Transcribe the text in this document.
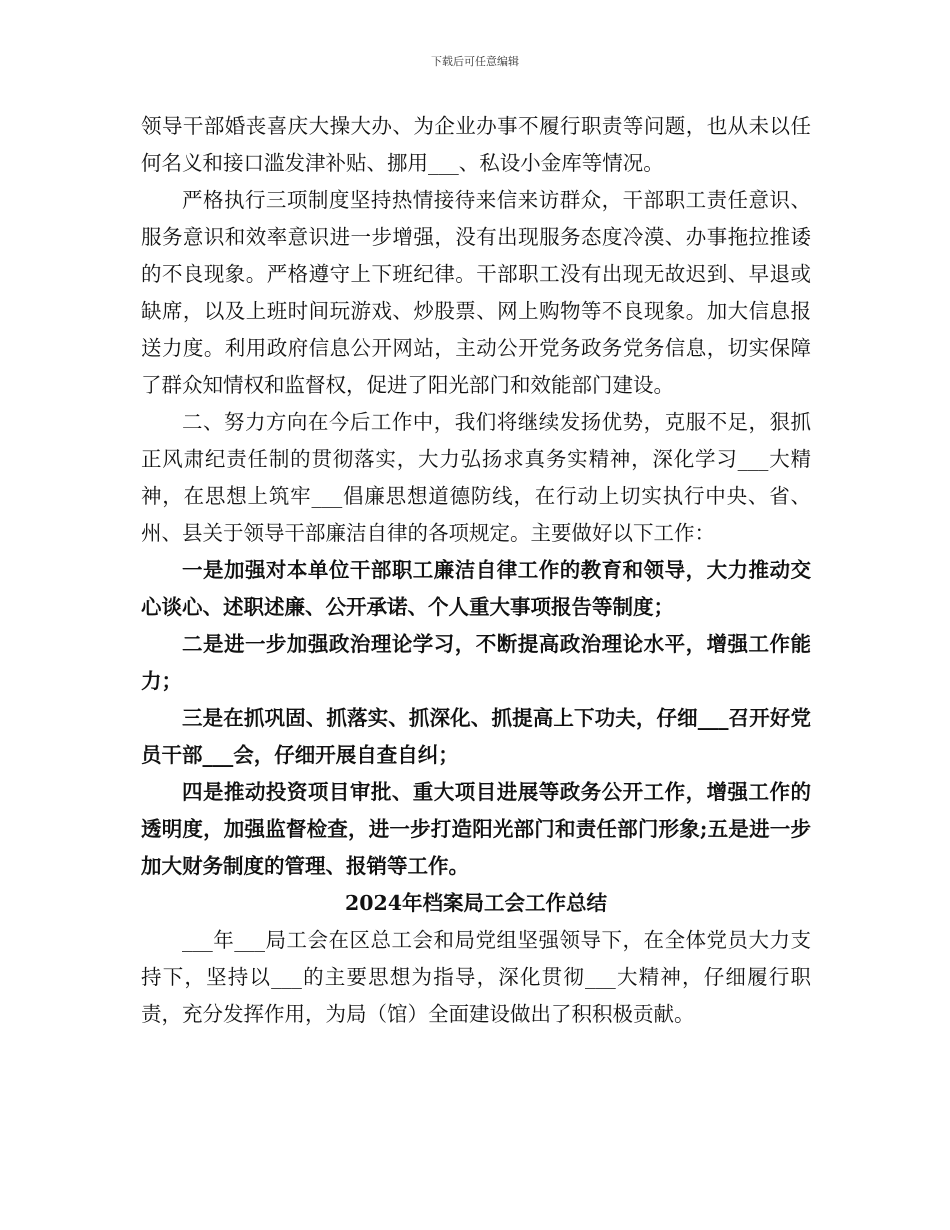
下载后可任意编辑

领导干部婚丧喜庆大操大办、为企业办事不履行职责等问题，也从未以任何名义和接口滥发津补贴、挪用___、私设小金库等情况。

严格执行三项制度坚持热情接待来信来访群众，干部职工责任意识、服务意识和效率意识进一步增强，没有出现服务态度冷漠、办事拖拉推诿的不良现象。严格遵守上下班纪律。干部职工没有出现无故迟到、早退或缺席，以及上班时间玩游戏、炒股票、网上购物等不良现象。加大信息报送力度。利用政府信息公开网站，主动公开党务政务党务信息，切实保障了群众知情权和监督权，促进了阳光部门和效能部门建设。

二、努力方向在今后工作中，我们将继续发扬优势，克服不足，狠抓正风肃纪责任制的贯彻落实，大力弘扬求真务实精神，深化学习___大精神，在思想上筑牢___倡廉思想道德防线，在行动上切实执行中央、省、州、县关于领导干部廉洁自律的各项规定。主要做好以下工作：

一是加强对本单位干部职工廉洁自律工作的教育和领导，大力推动交心谈心、述职述廉、公开承诺、个人重大事项报告等制度；

二是进一步加强政治理论学习，不断提高政治理论水平，增强工作能力；

三是在抓巩固、抓落实、抓深化、抓提高上下功夫，仔细___召开好党员干部___会，仔细开展自查自纠；

四是推动投资项目审批、重大项目进展等政务公开工作，增强工作的透明度，加强监督检查，进一步打造阳光部门和责任部门形象;五是进一步加大财务制度的管理、报销等工作。

2024年档案局工会工作总结

___年___局工会在区总工会和局党组坚强领导下，在全体党员大力支持下，坚持以___的主要思想为指导，深化贯彻___大精神，仔细履行职责，充分发挥作用，为局（馆）全面建设做出了积积极贡献。
